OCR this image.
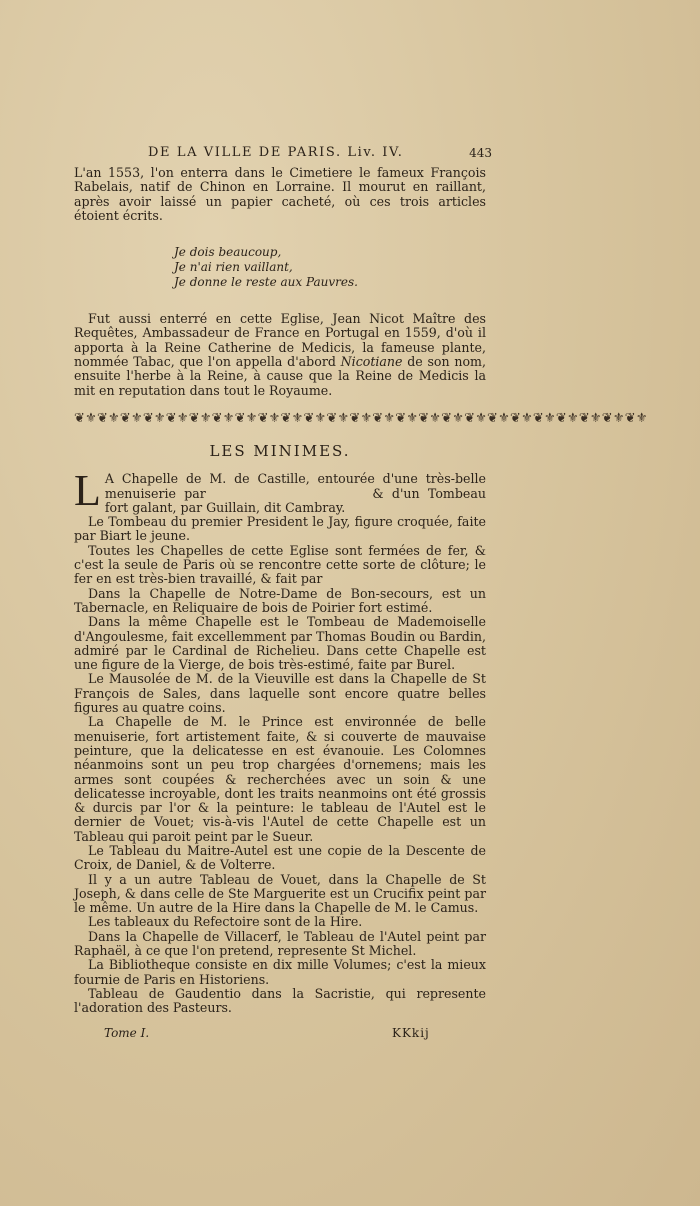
DE LA VILLE DE PARIS. Liv. IV.	443

L'an 1553, l'on enterra dans le Cimetiere le fameux François Rabelais, natif de Chinon en Lorraine. Il mourut en raillant, après avoir laissé un papier cacheté, où ces trois articles étoient écrits.

Je dois beaucoup,
Je n'ai rien vaillant,
Je donne le reste aux Pauvres.

Fut aussi enterré en cette Eglise, Jean Nicot Maître des Requêtes, Ambassadeur de France en Portugal en 1559, d'où il apporta à la Reine Catherine de Medicis, la fameuse plante, nommée Tabac, que l'on appella d'abord Nicotiane de son nom, ensuite l'herbe à la Reine, à cause que la Reine de Medicis la mit en reputation dans tout le Royaume.

❦⚜❦⚜❦⚜❦⚜❦⚜❦⚜❦⚜❦⚜❦⚜❦⚜❦⚜❦⚜❦⚜❦⚜❦⚜❦⚜❦⚜❦⚜❦⚜❦⚜❦⚜❦⚜❦⚜❦⚜❦⚜
LES MINIMES.

L A Chapelle de M. de Castille, entourée d'une très-belle menuiserie par	& d'un Tombeau fort galant, par Guillain, dit Cambray.

Le Tombeau du premier President le Jay, figure croquée, faite par Biart le jeune.

Toutes les Chapelles de cette Eglise sont fermées de fer, & c'est la seule de Paris où se rencontre cette sorte de clôture; le fer en est très-bien travaillé, & fait par

Dans la Chapelle de Notre-Dame de Bon-secours, est un Tabernacle, en Reliquaire de bois de Poirier fort estimé.

Dans la même Chapelle est le Tombeau de Mademoiselle d'Angoulesme, fait excellemment par Thomas Boudin ou Bardin, admiré par le Cardinal de Richelieu. Dans cette Chapelle est une figure de la Vierge, de bois très-estimé, faite par Burel.

Le Mausolée de M. de la Vieuville est dans la Chapelle de St François de Sales, dans laquelle sont encore quatre belles figures au quatre coins.

La Chapelle de M. le Prince est environnée de belle menuiserie, fort artistement faite, & si couverte de mauvaise peinture, que la delicatesse en est évanouie. Les Colomnes néanmoins sont un peu trop chargées d'ornemens; mais les armes sont coupées & recherchées avec un soin & une delicatesse incroyable, dont les traits neanmoins ont été grossis & durcis par l'or & la peinture: le tableau de l'Autel est le dernier de Vouet; vis-à-vis l'Autel de cette Chapelle est un Tableau qui paroit peint par le Sueur.

Le Tableau du Maitre-Autel est une copie de la Descente de Croix, de Daniel, & de Volterre.

Il y a un autre Tableau de Vouet, dans la Chapelle de St Joseph, & dans celle de Ste Marguerite est un Crucifix peint par le même. Un autre de la Hire dans la Chapelle de M. le Camus.

Les tableaux du Refectoire sont de la Hire.

Dans la Chapelle de Villacerf, le Tableau de l'Autel peint par Raphaël, à ce que l'on pretend, represente St Michel.

La Bibliotheque consiste en dix mille Volumes; c'est la mieux fournie de Paris en Historiens.

Tableau de Gaudentio dans la Sacristie, qui represente l'adoration des Pasteurs.

Tome I.	KKkij
